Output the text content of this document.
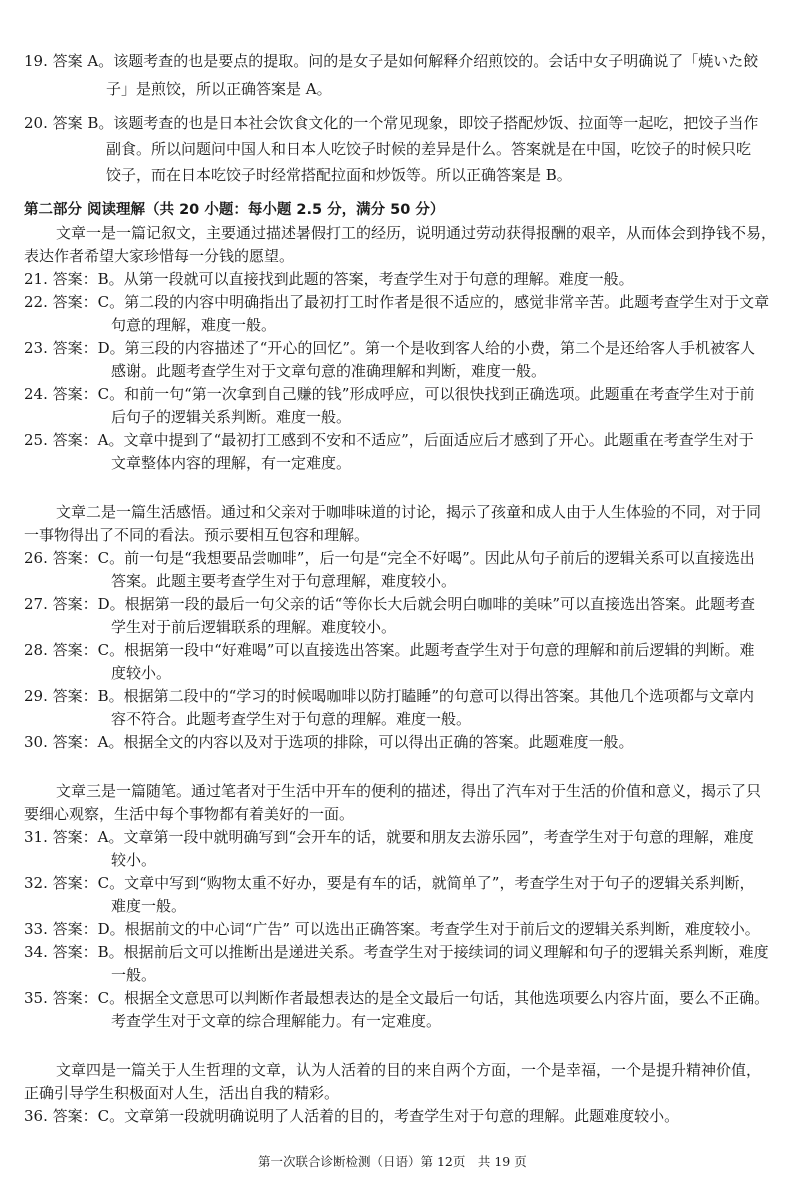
19. 答案 A。该题考查的也是要点的提取。问的是女子是如何解释介绍煎饺的。会话中女子明确说了「焼いた餃
子」是煎饺，所以正确答案是 A。
20. 答案 B。该题考查的也是日本社会饮食文化的一个常见现象，即饺子搭配炒饭、拉面等一起吃，把饺子当作
副食。所以问题问中国人和日本人吃饺子时候的差异是什么。答案就是在中国，吃饺子的时候只吃
饺子，而在日本吃饺子时经常搭配拉面和炒饭等。所以正确答案是 B。
第二部分 阅读理解（共 20 小题：每小题 2.5 分，满分 50 分）
文章一是一篇记叙文，主要通过描述暑假打工的经历，说明通过劳动获得报酬的艰辛，从而体会到挣钱不易，
表达作者希望大家珍惜每一分钱的愿望。
21. 答案：B。从第一段就可以直接找到此题的答案，考查学生对于句意的理解。难度一般。
22. 答案：C。第二段的内容中明确指出了最初打工时作者是很不适应的，感觉非常辛苦。此题考查学生对于文章
句意的理解，难度一般。
23. 答案：D。第三段的内容描述了“开心的回忆”。第一个是收到客人给的小费，第二个是还给客人手机被客人
感谢。此题考查学生对于文章句意的准确理解和判断，难度一般。
24. 答案：C。和前一句“第一次拿到自己赚的钱”形成呼应，可以很快找到正确选项。此题重在考查学生对于前
后句子的逻辑关系判断。难度一般。
25. 答案：A。文章中提到了“最初打工感到不安和不适应”，后面适应后才感到了开心。此题重在考查学生对于
文章整体内容的理解，有一定难度。
文章二是一篇生活感悟。通过和父亲对于咖啡味道的讨论，揭示了孩童和成人由于人生体验的不同，对于同
一事物得出了不同的看法。预示要相互包容和理解。
26. 答案：C。前一句是“我想要品尝咖啡”，后一句是“完全不好喝”。因此从句子前后的逻辑关系可以直接选出
答案。此题主要考查学生对于句意理解，难度较小。
27. 答案：D。根据第一段的最后一句父亲的话“等你长大后就会明白咖啡的美味”可以直接选出答案。此题考查
学生对于前后逻辑联系的理解。难度较小。
28. 答案：C。根据第一段中“好难喝”可以直接选出答案。此题考查学生对于句意的理解和前后逻辑的判断。难
度较小。
29. 答案：B。根据第二段中的“学习的时候喝咖啡以防打瞌睡”的句意可以得出答案。其他几个选项都与文章内
容不符合。此题考查学生对于句意的理解。难度一般。
30. 答案：A。根据全文的内容以及对于选项的排除，可以得出正确的答案。此题难度一般。
文章三是一篇随笔。通过笔者对于生活中开车的便利的描述，得出了汽车对于生活的价值和意义，揭示了只
要细心观察，生活中每个事物都有着美好的一面。
31. 答案：A。文章第一段中就明确写到“会开车的话，就要和朋友去游乐园”，考查学生对于句意的理解，难度
较小。
32. 答案：C。文章中写到“购物太重不好办，要是有车的话，就简单了”，考查学生对于句子的逻辑关系判断，
难度一般。
33. 答案：D。根据前文的中心词“广告” 可以选出正确答案。考查学生对于前后文的逻辑关系判断，难度较小。
34. 答案：B。根据前后文可以推断出是递进关系。考查学生对于接续词的词义理解和句子的逻辑关系判断，难度
一般。
35. 答案：C。根据全文意思可以判断作者最想表达的是全文最后一句话，其他选项要么内容片面，要么不正确。
考查学生对于文章的综合理解能力。有一定难度。
文章四是一篇关于人生哲理的文章，认为人活着的目的来自两个方面，一个是幸福，一个是提升精神价值，
正确引导学生积极面对人生，活出自我的精彩。
36. 答案：C。文章第一段就明确说明了人活着的目的，考查学生对于句意的理解。此题难度较小。
第一次联合诊断检测（日语）第 12页　共 19 页
